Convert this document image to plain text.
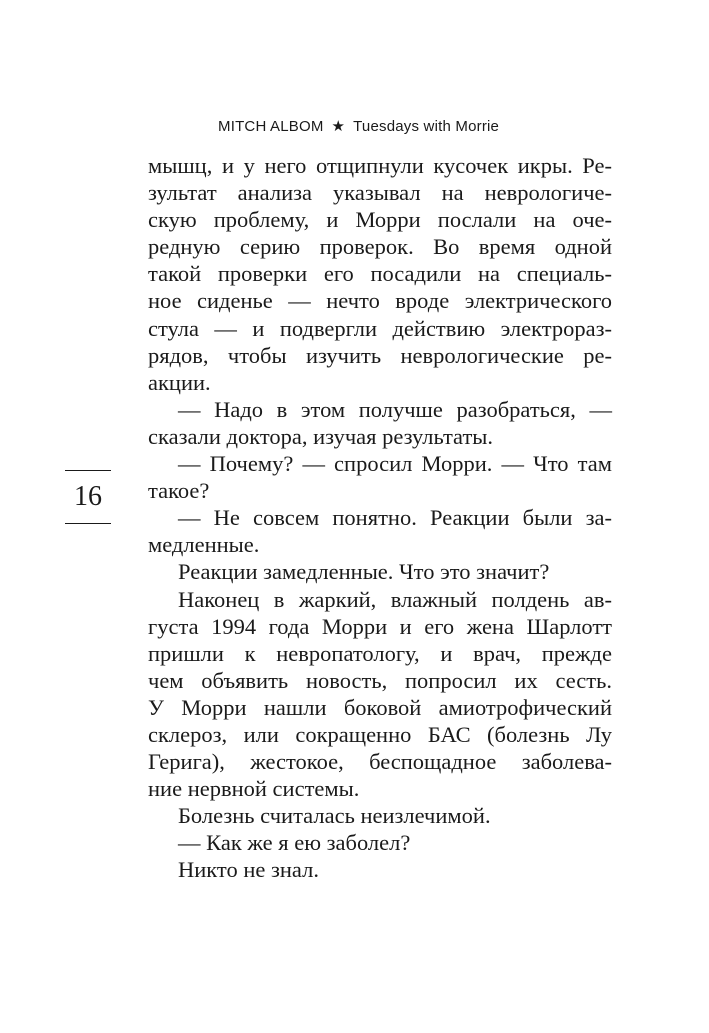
MITCH ALBOM ★ Tuesdays with Morrie
16
мышц, и у него отщипнули кусочек икры. Ре-
зультат анализа указывал на неврологиче-
скую проблему, и Морри послали на оче-
редную серию проверок. Во время одной
такой проверки его посадили на специаль-
ное сиденье — нечто вроде электрического
стула — и подвергли действию электрораз-
рядов, чтобы изучить неврологические ре-
акции.
— Надо в этом получше разобраться, —
сказали доктора, изучая результаты.
— Почему? — спросил Морри. — Что там
такое?
— Не совсем понятно. Реакции были за-
медленные.
Реакции замедленные. Что это значит?
Наконец в жаркий, влажный полдень ав-
густа 1994 года Морри и его жена Шарлотт
пришли к невропатологу, и врач, прежде
чем объявить новость, попросил их сесть.
У Морри нашли боковой амиотрофический
склероз, или сокращенно БАС (болезнь Лу
Герига), жестокое, беспощадное заболева-
ние нервной системы.
Болезнь считалась неизлечимой.
— Как же я ею заболел?
Никто не знал.
